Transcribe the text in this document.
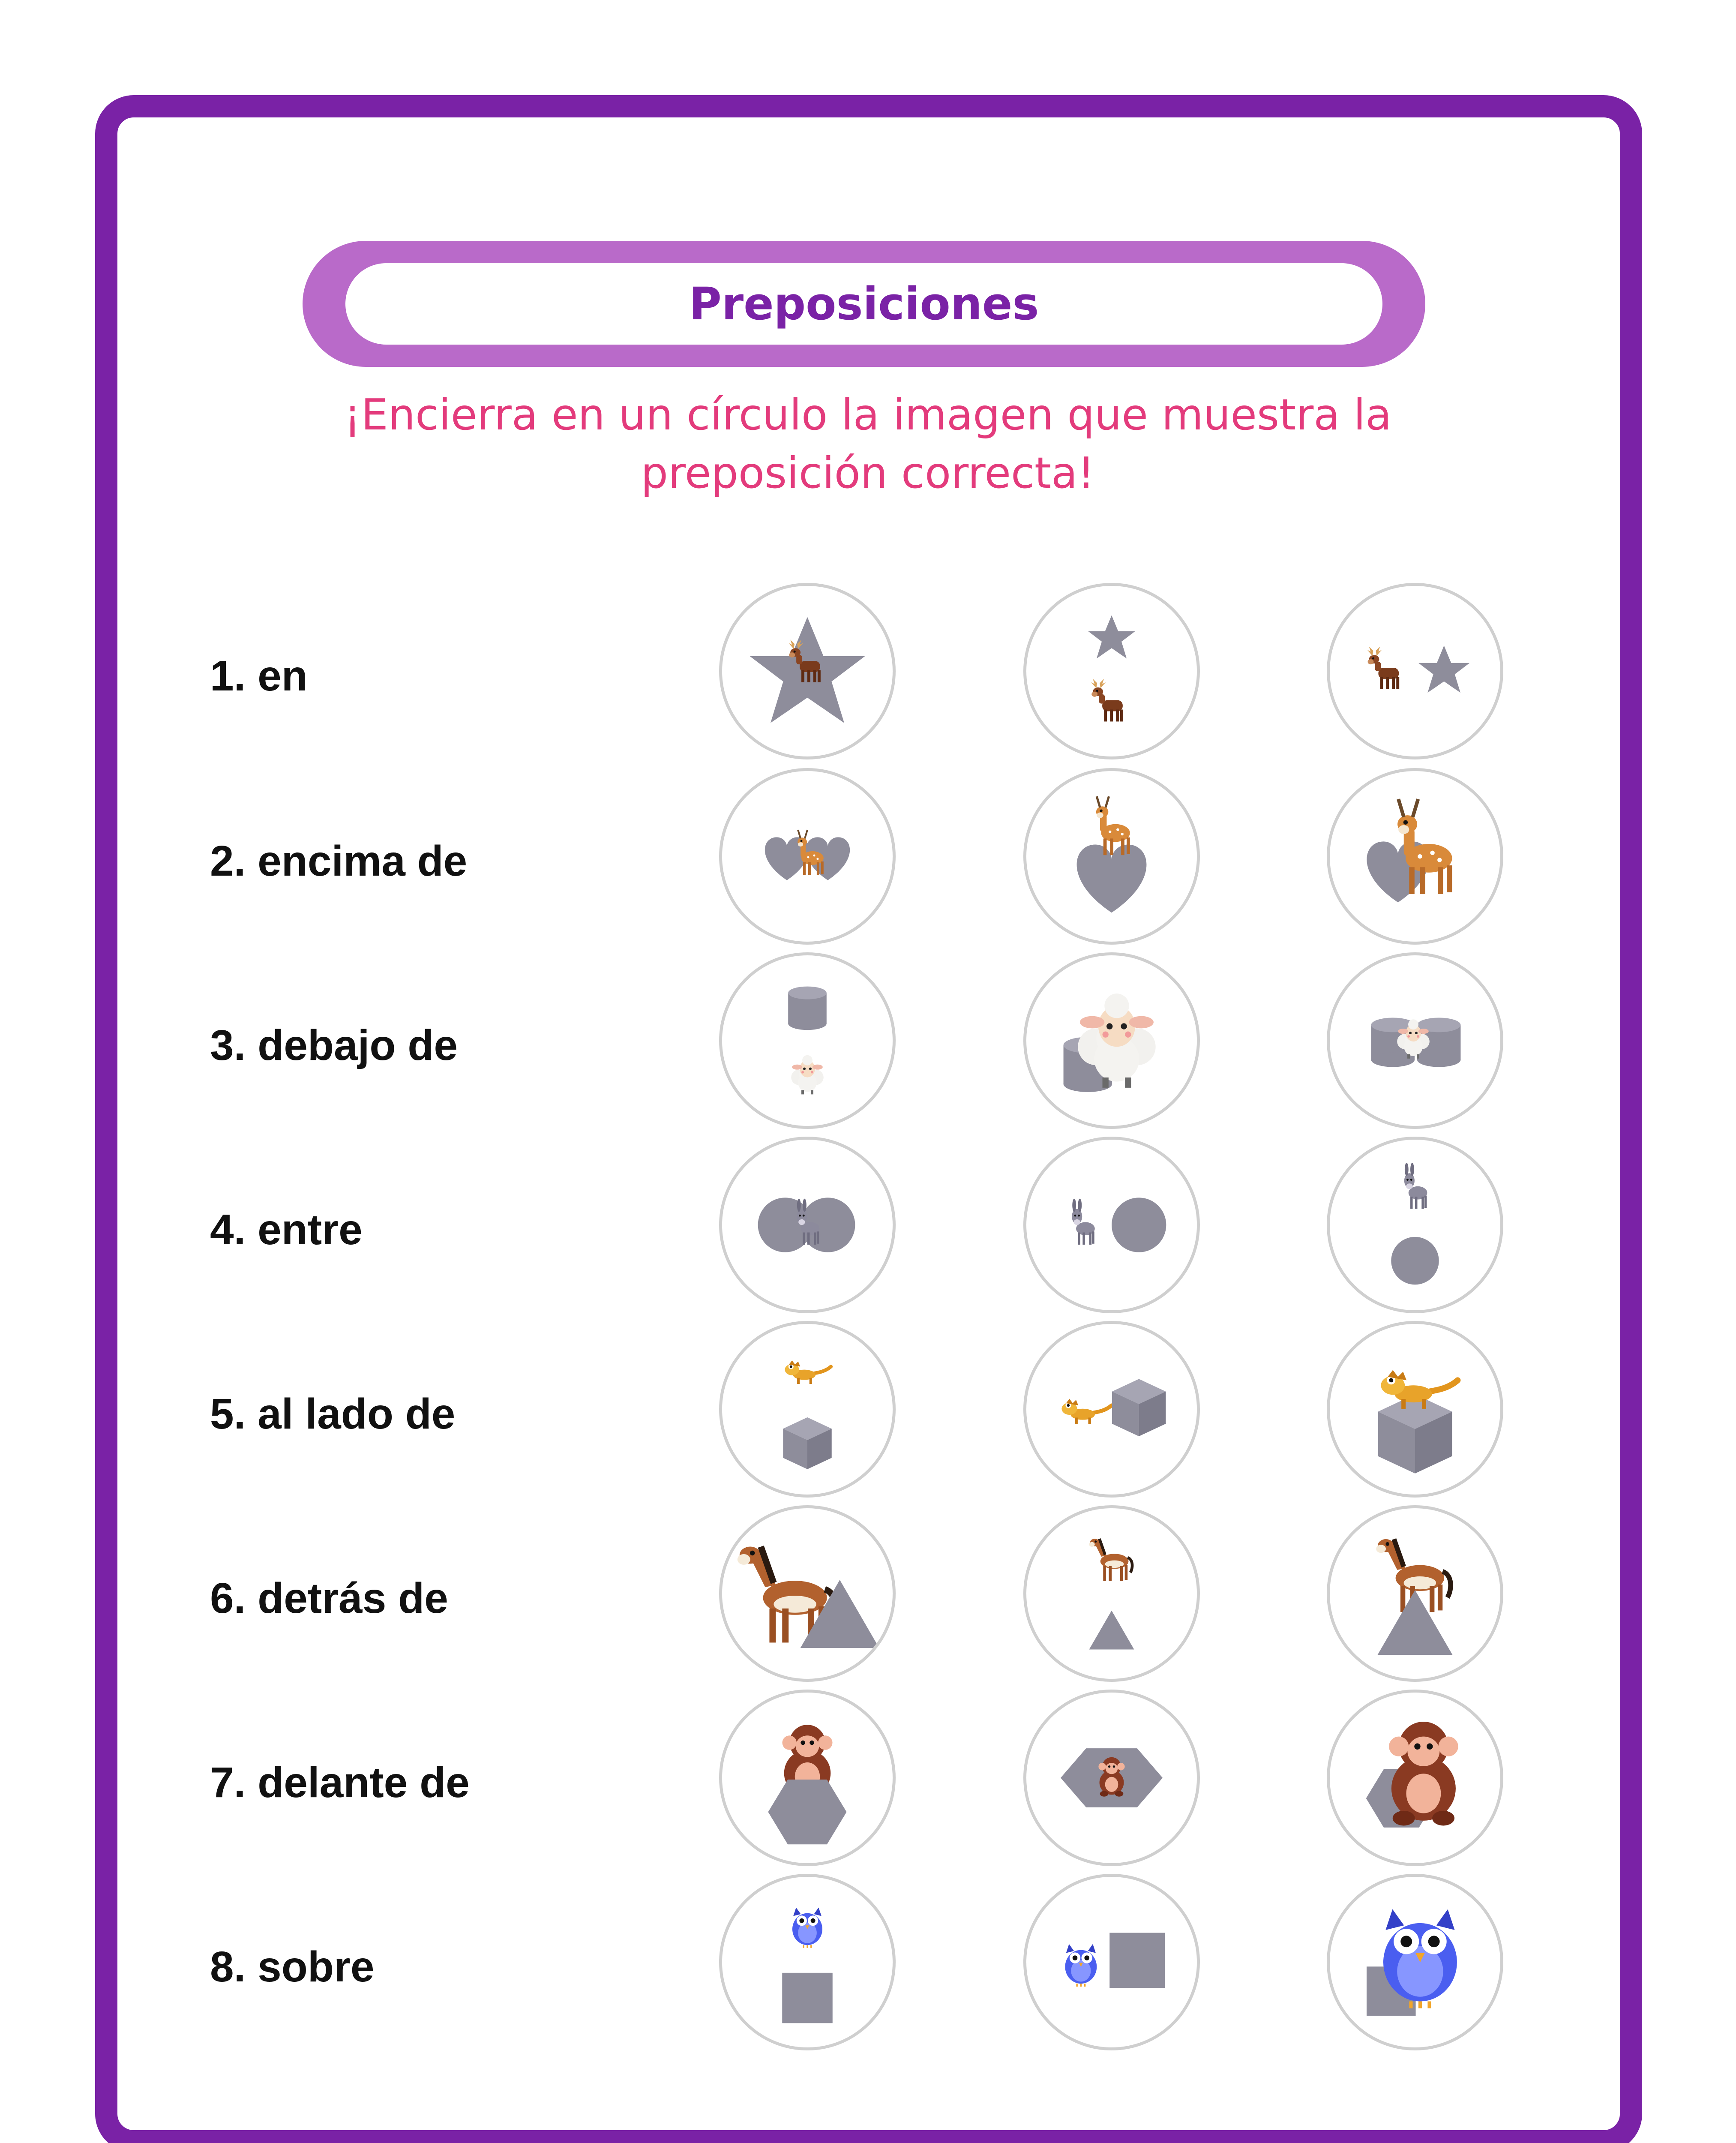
Preposiciones
¡Encierra en un círculo la imagen que muestra la preposición correcta!
1. en
2. encima de
3. debajo de
4. entre
5. al lado de
6. detrás de
7. delante de
8. sobre
